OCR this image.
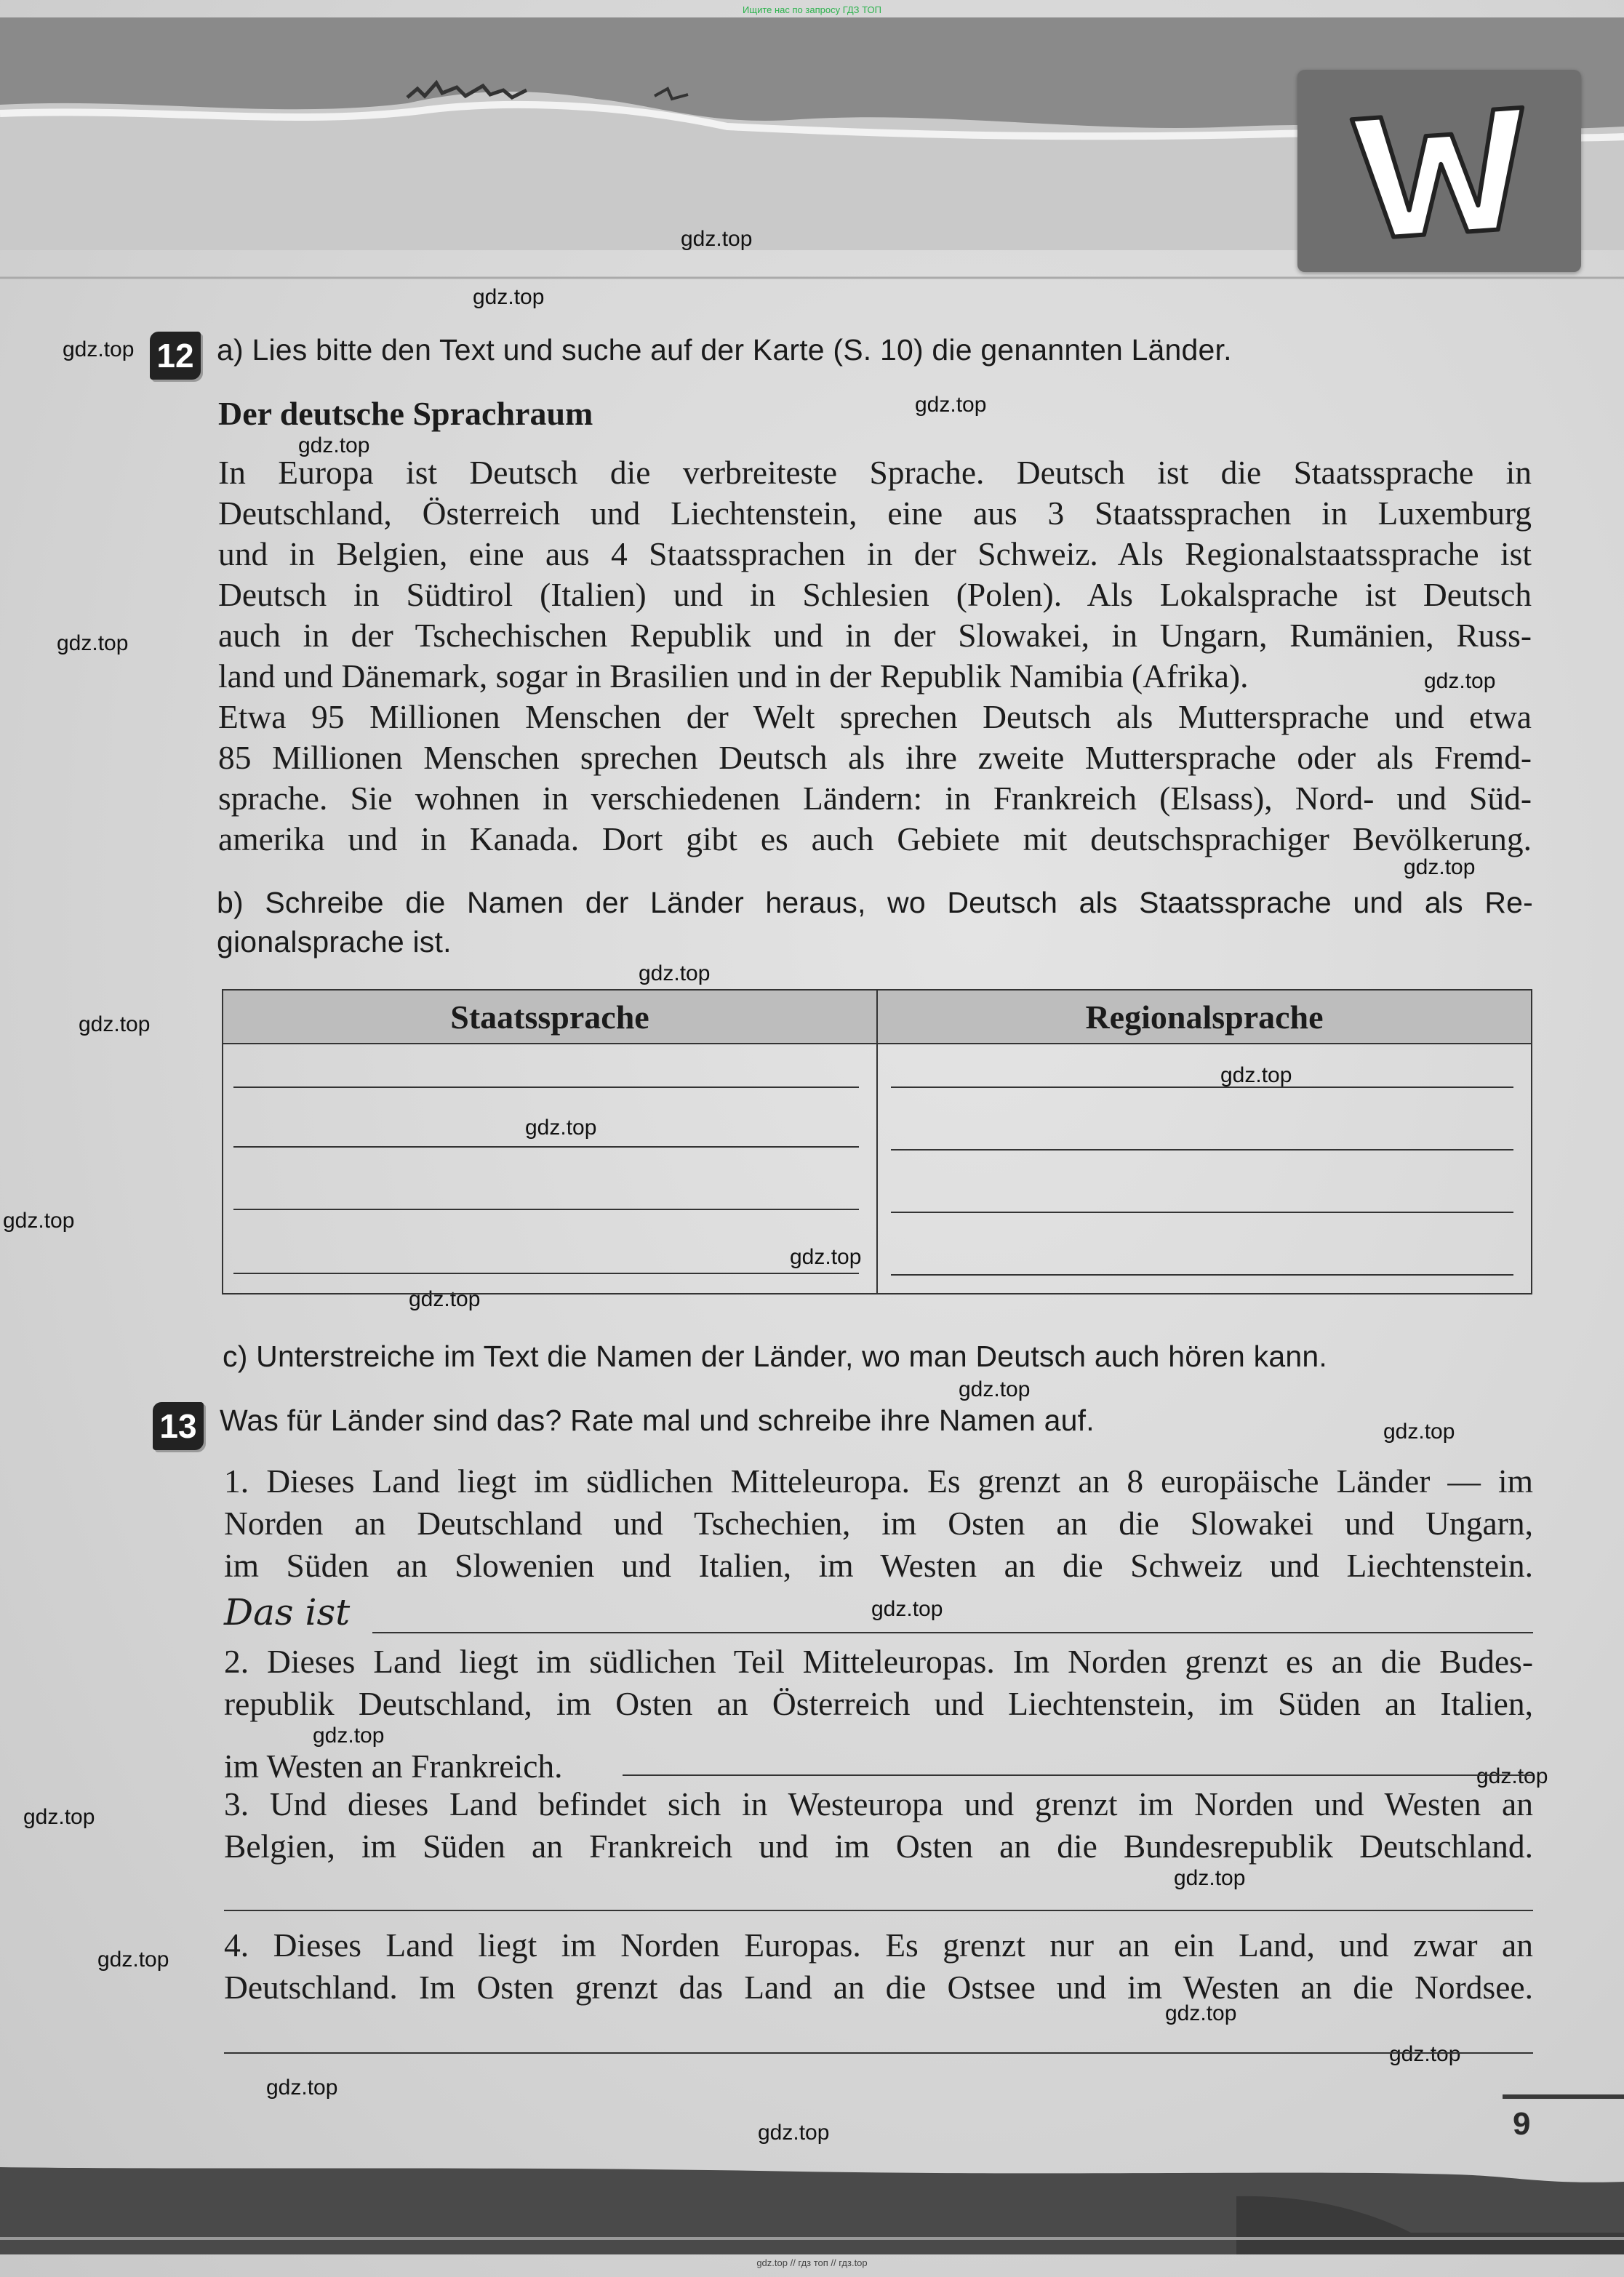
Ищите нас по запросу ГДЗ ТОП
gdz.top
gdz.top
gdz.top
gdz.top
gdz.top
gdz.top
gdz.top
gdz.top
gdz.top
gdz.top
gdz.top
gdz.top
gdz.top
gdz.top
gdz.top
gdz.top
gdz.top
gdz.top
gdz.top
gdz.top
gdz.top
gdz.top
gdz.top
gdz.top
gdz.top
gdz.top
gdz.top
12 a) Lies bitte den Text und suche auf der Karte (S. 10) die genannten Länder.
Der deutsche Sprachraum
In Europa ist Deutsch die verbreiteste Sprache. Deutsch ist die Staatssprache in
Deutschland, Österreich und Liechtenstein, eine aus 3 Staatssprachen in Luxemburg
und in Belgien, eine aus 4 Staatssprachen in der Schweiz. Als Regionalstaatssprache ist
Deutsch in Südtirol (Italien) und in Schlesien (Polen). Als Lokalsprache ist Deutsch
auch in der Tschechischen Republik und in der Slowakei, in Ungarn, Rumänien, Russ-
land und Dänemark, sogar in Brasilien und in der Republik Namibia (Afrika).
Etwa 95 Millionen Menschen der Welt sprechen Deutsch als Muttersprache und etwa
85 Millionen Menschen sprechen Deutsch als ihre zweite Muttersprache oder als Fremd-
sprache. Sie wohnen in verschiedenen Ländern: in Frankreich (Elsass), Nord- und Süd-
amerika und in Kanada. Dort gibt es auch Gebiete mit deutschsprachiger Bevölkerung.
b) Schreibe die Namen der Länder heraus, wo Deutsch als Staatssprache und als Re-
gionalsprache ist.
Staatssprache	Regionalsprache

c) Unterstreiche im Text die Namen der Länder, wo man Deutsch auch hören kann.
13 Was für Länder sind das? Rate mal und schreibe ihre Namen auf.
1. Dieses Land liegt im südlichen Mitteleuropa. Es grenzt an 8 europäische Länder — im
Norden an Deutschland und Tschechien, im Osten an die Slowakei und Ungarn,
im Süden an Slowenien und Italien, im Westen an die Schweiz und Liechtenstein.
Das ist
2. Dieses Land liegt im südlichen Teil Mitteleuropas. Im Norden grenzt es an die Budes-
republik Deutschland, im Osten an Österreich und Liechtenstein, im Süden an Italien,
im Westen an Frankreich.
3. Und dieses Land befindet sich in Westeuropa und grenzt im Norden und Westen an
Belgien, im Süden an Frankreich und im Osten an die Bundesrepublik Deutschland.
4. Dieses Land liegt im Norden Europas. Es grenzt nur an ein Land, und zwar an
Deutschland. Im Osten grenzt das Land an die Ostsee und im Westen an die Nordsee.
9
gdz.top // гдз топ // гдз.top
